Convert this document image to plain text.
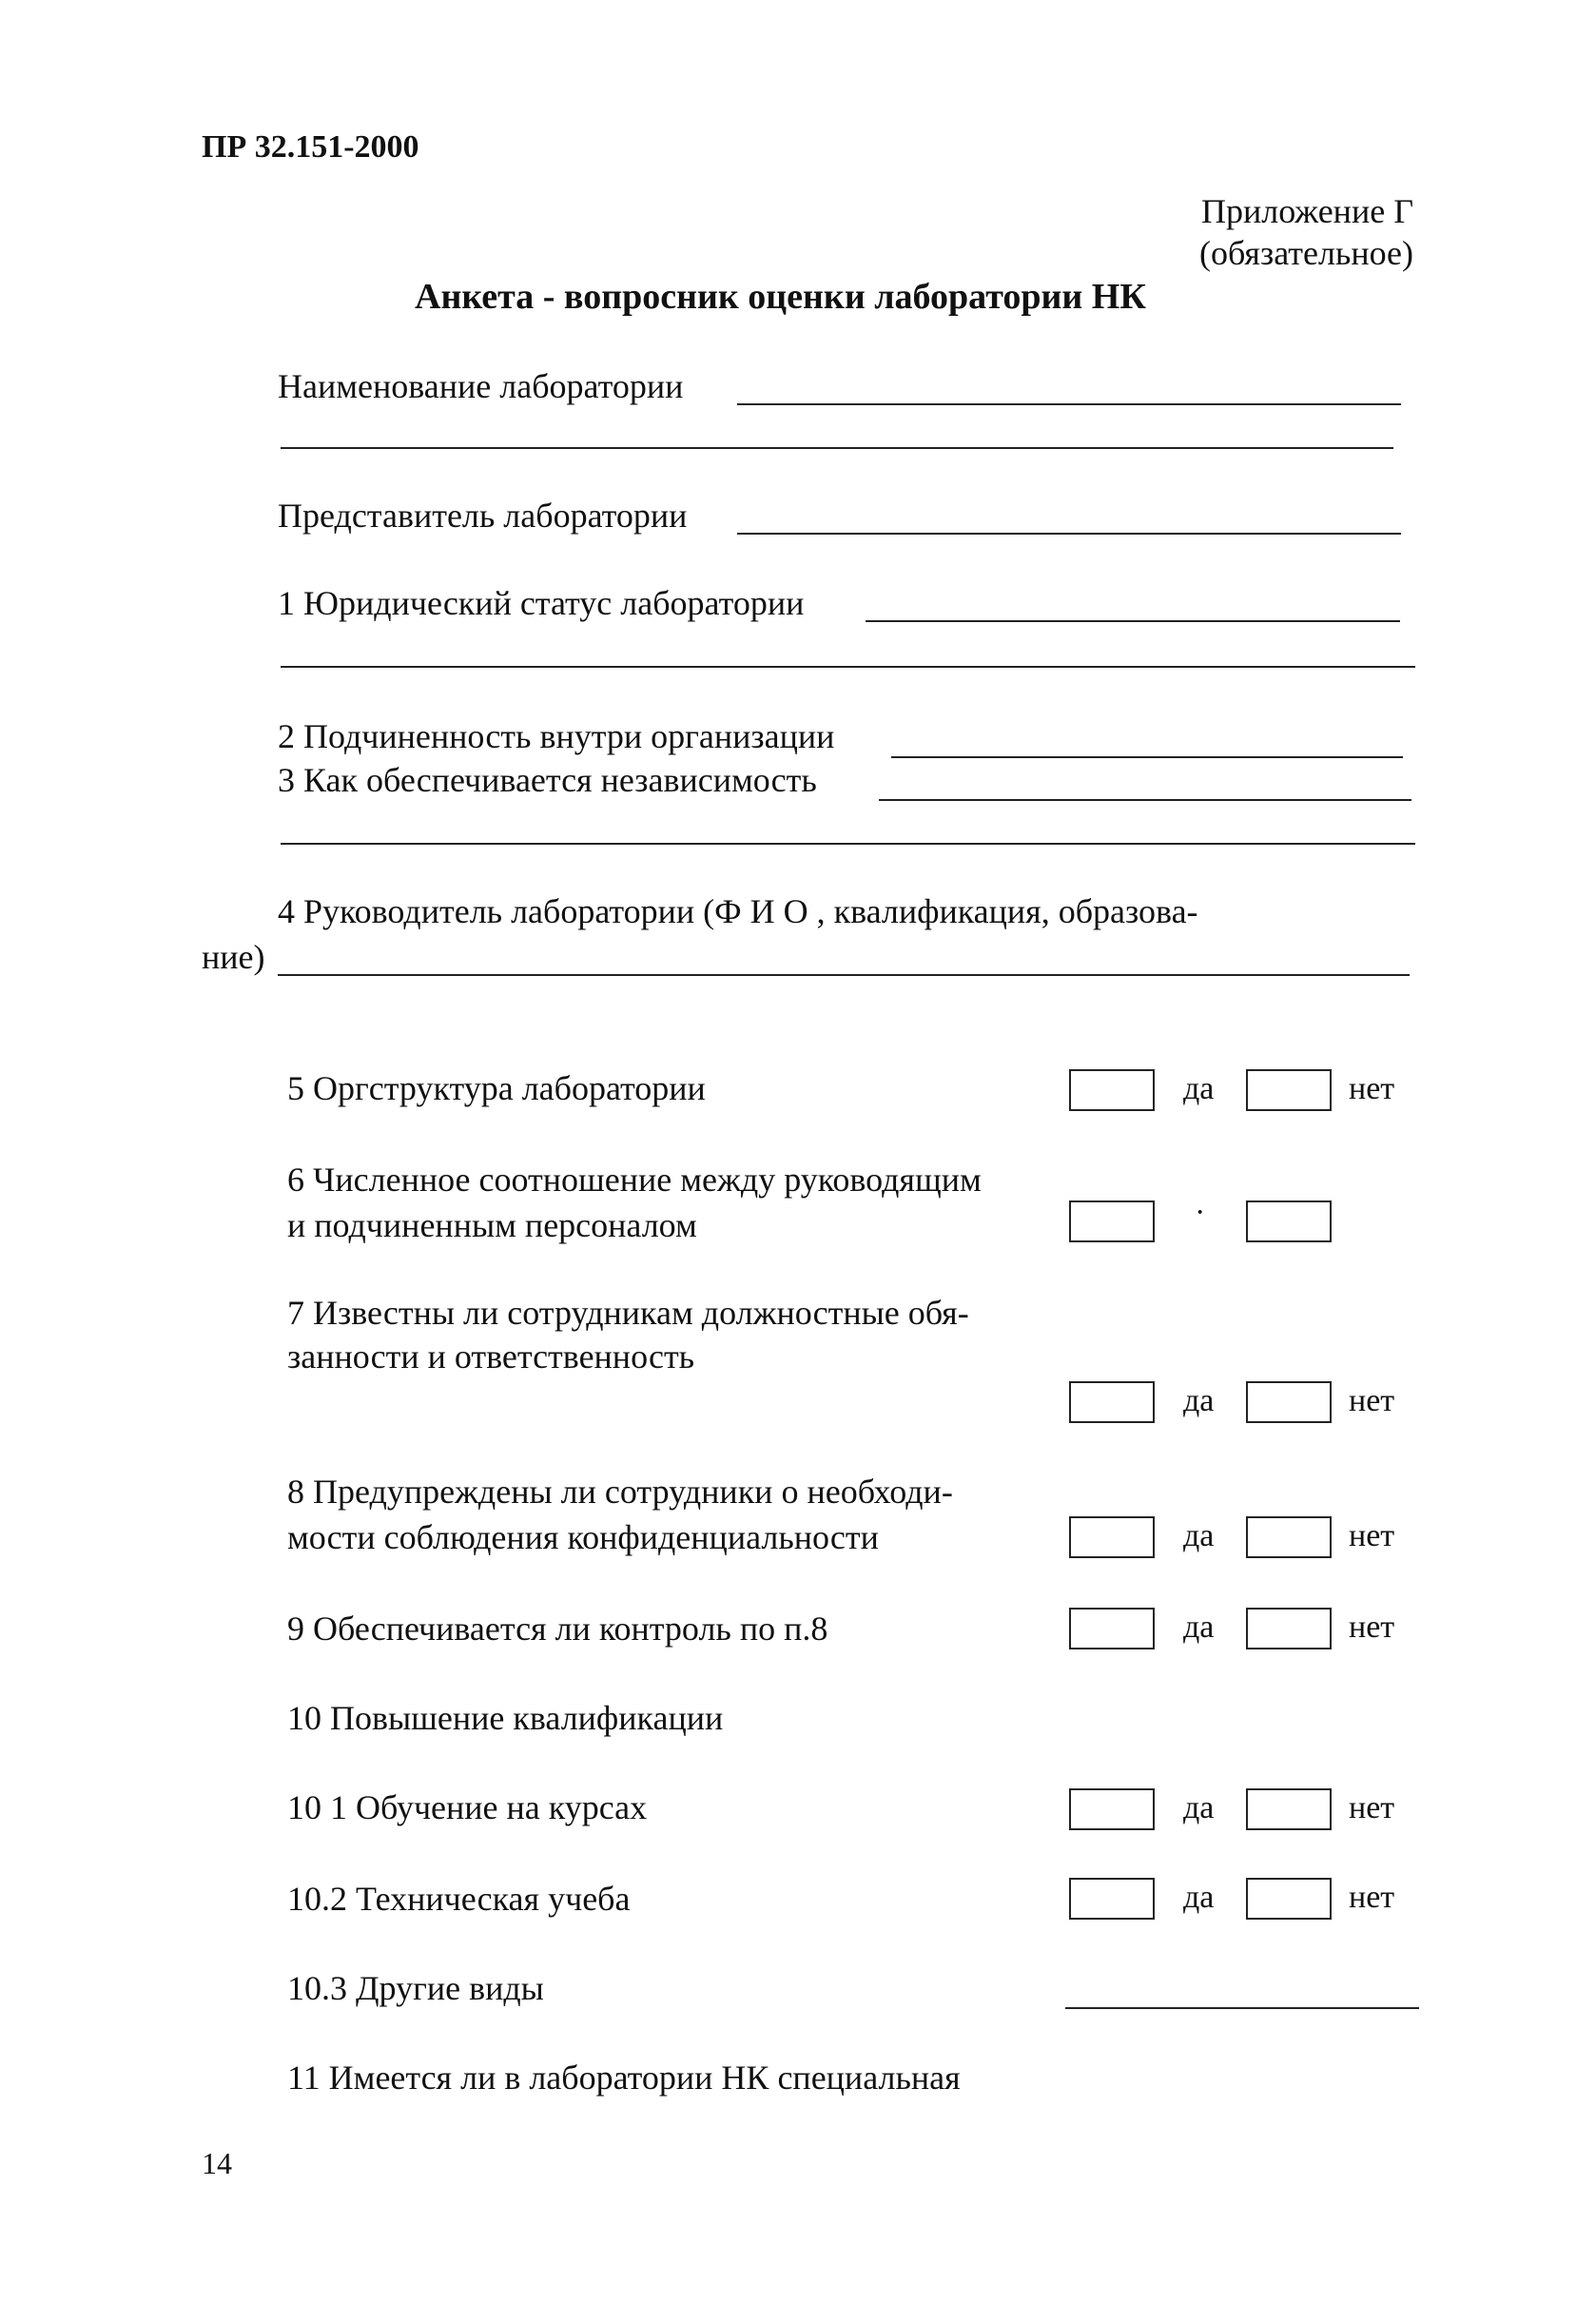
ПР 32.151-2000
Приложение Г
(обязательное)
Анкета - вопросник оценки лаборатории НК
Наименование лаборатории
Представитель лаборатории
1 Юридический статус лаборатории
2 Подчиненность внутри организации
3 Как обеспечивается независимость
4 Руководитель лаборатории (Ф И О , квалификация, образова-
ние)
5 Оргструктура лаборатории	да	нет
6 Численное соотношение между руководящим
и подчиненным персоналом	·
7 Известны ли сотрудникам должностные обя-
занности и ответственность
да	нет
8 Предупреждены ли сотрудники о необходи-
мости соблюдения конфиденциальности	да	нет
9 Обеспечивается ли контроль по п.8	да	нет
10 Повышение квалификации
10 1 Обучение на курсах	да	нет
10.2 Техническая учеба	да	нет
10.3 Другие виды
11 Имеется ли в лаборатории НК специальная
14
